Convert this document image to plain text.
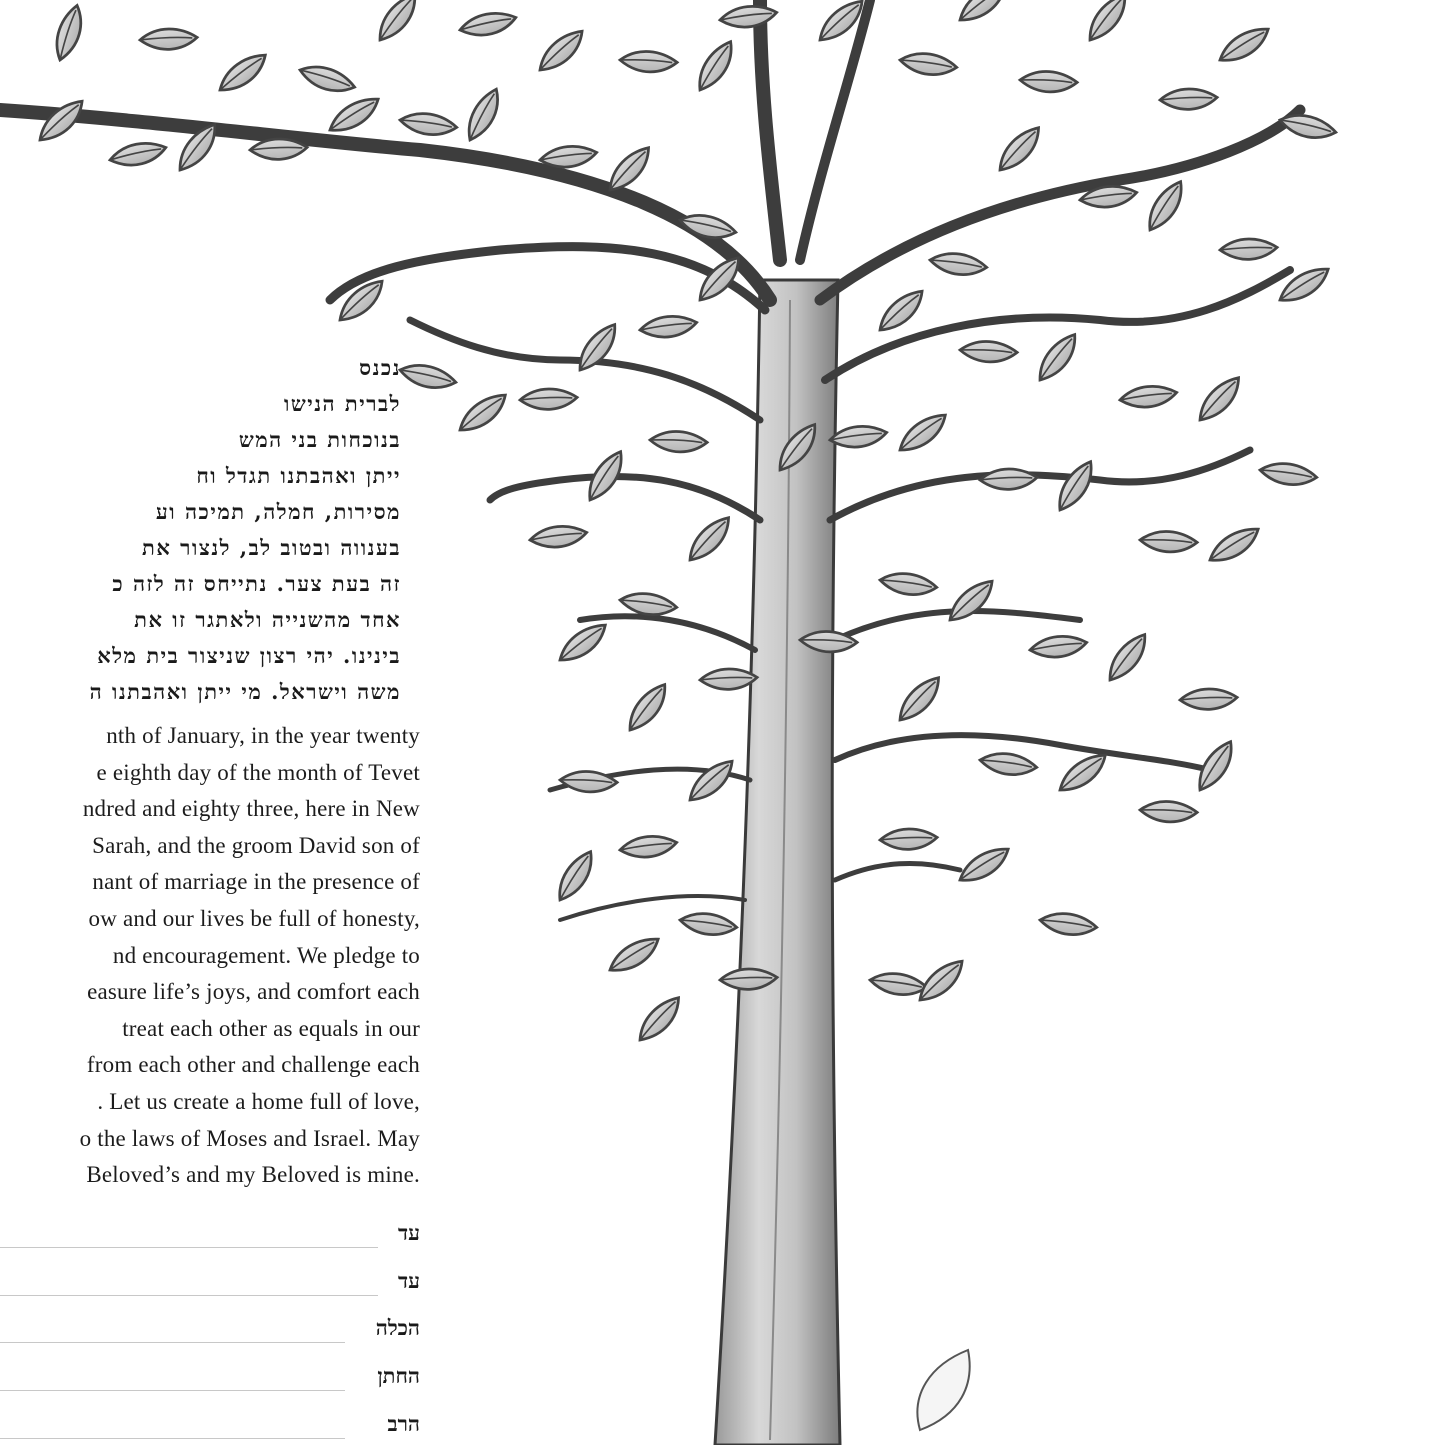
נכנס
לברית הנישו
בנוכחות בני המש
ייתן ואהבתנו תגדל וח
מסירות, חמלה, תמיכה וע
בענווה ובטוב לב, לנצור את
זה בעת צער. נתייחס זה לזה כ
אחד מהשנייה ולאתגר זו את
בינינו. יהי רצון שניצור בית מלא
משה וישראל. מי ייתן ואהבתנו ה
nth of January, in the year twenty
e eighth day of the month of Tevet
ndred and eighty three, here in New
Sarah, and the groom David son of
nant of marriage in the presence of
ow and our lives be full of honesty,
nd encouragement. We pledge to
easure life’s joys, and comfort each
treat each other as equals in our
from each other and challenge each
. Let us create a home full of love,
o the laws of Moses and Israel. May
Beloved’s and my Beloved is mine.
עד
עד
הכלה
החתן
הרב
